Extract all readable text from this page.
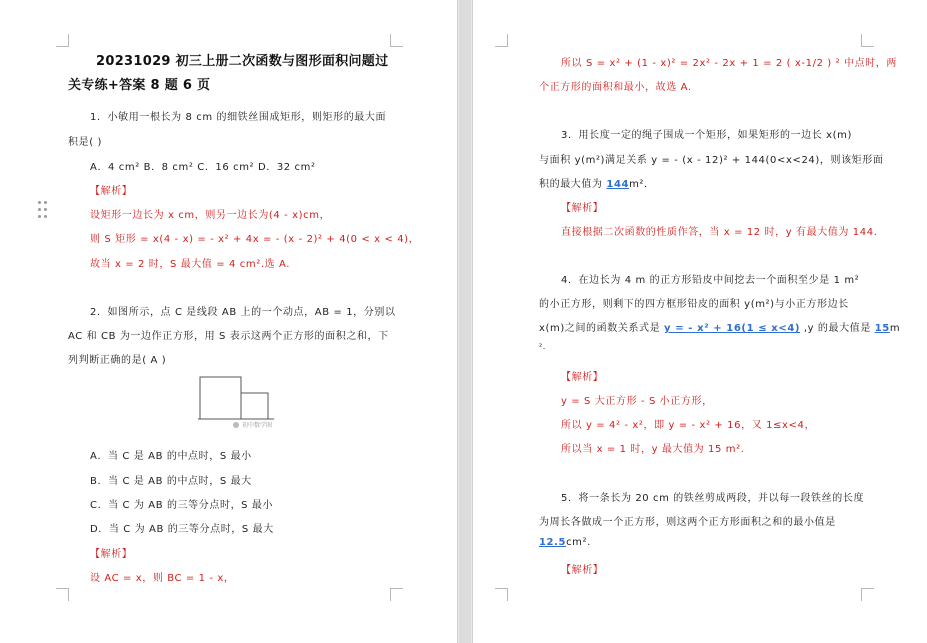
20231029 初三上册二次函数与图形面积问题过
关专练+答案 8 题 6 页
1．小敏用一根长为 8 cm 的细铁丝围成矩形，则矩形的最大面
积是( )
A．4 cm² B．8 cm² C．16 cm² D．32 cm²
【解析】
设矩形一边长为 x cm，则另一边长为(4 - x)cm，
则 S 矩形 = x(4 - x) = - x² + 4x = - (x - 2)² + 4(0 < x < 4)，
故当 x = 2 时，S 最大值 = 4 cm².选 A.
2．如图所示，点 C 是线段 AB 上的一个动点，AB = 1，分别以
AC 和 CB 为一边作正方形，用 S 表示这两个正方形的面积之和，下
列判断正确的是( A )
初中数学圈
A．当 C 是 AB 的中点时，S 最小
B．当 C 是 AB 的中点时，S 最大
C．当 C 为 AB 的三等分点时，S 最小
D．当 C 为 AB 的三等分点时，S 最大
【解析】
设 AC = x，则 BC = 1 - x，
所以 S = x² + (1 - x)² = 2x² - 2x + 1 = 2 ( x-1/2 ) ² 中点时，两
个正方形的面积和最小，故选 A.
3．用长度一定的绳子围成一个矩形，如果矩形的一边长 x(m)
与面积 y(m²)满足关系 y = - (x - 12)² + 144(0<x<24)，则该矩形面
积的最大值为 144m².
【解析】
直接根据二次函数的性质作答，当 x = 12 时，y 有最大值为 144.
4．在边长为 4 m 的正方形铅皮中间挖去一个面积至少是 1 m²
的小正方形，则剩下的四方框形铅皮的面积 y(m²)与小正方形边长
x(m)之间的函数关系式是 y = - x² + 16(1 ≤ x<4) ,y 的最大值是 15m
².
【解析】
y = S 大正方形 - S 小正方形，
所以 y = 4² - x²，即 y = - x² + 16，又 1≤x<4，
所以当 x = 1 时，y 最大值为 15 m².
5．将一条长为 20 cm 的铁丝剪成两段，并以每一段铁丝的长度
为周长各做成一个正方形，则这两个正方形面积之和的最小值是
12.5cm².
【解析】
